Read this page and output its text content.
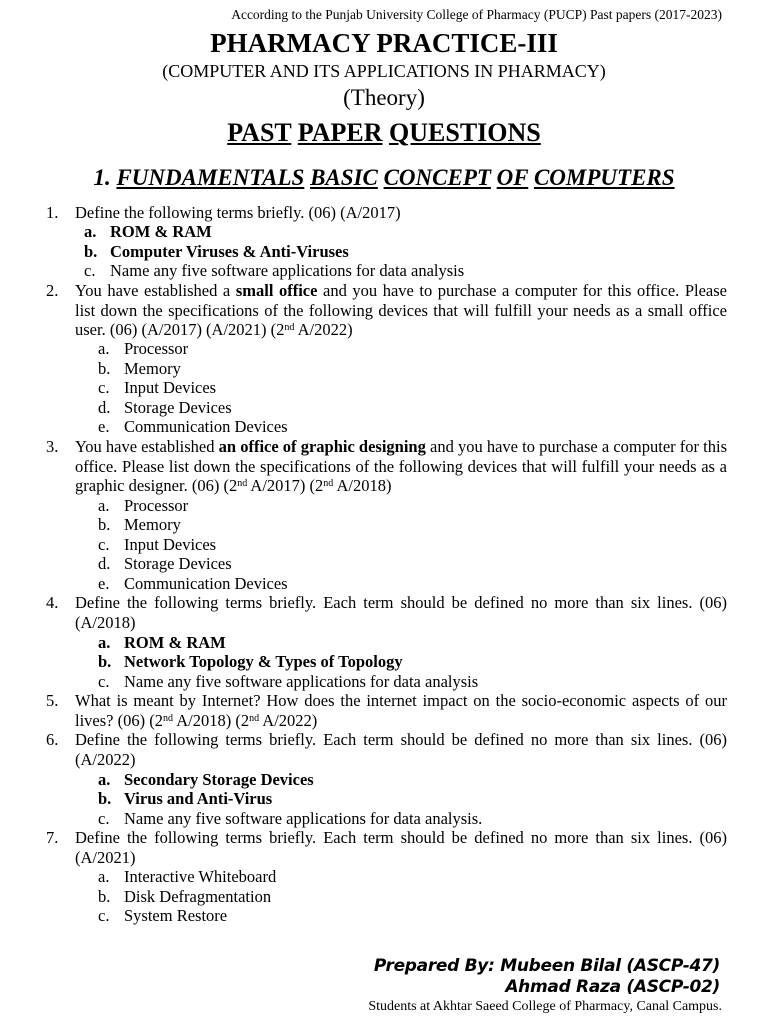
According to the Punjab University College of Pharmacy (PUCP) Past papers (2017-2023)
PHARMACY PRACTICE-III
(COMPUTER AND ITS APPLICATIONS IN PHARMACY)
(Theory)
PAST PAPER QUESTIONS
1. FUNDAMENTALS BASIC CONCEPT OF COMPUTERS
1. Define the following terms briefly. (06) (A/2017)
a. ROM & RAM
b. Computer Viruses & Anti-Viruses
c. Name any five software applications for data analysis
2. You have established a small office and you have to purchase a computer for this office. Please list down the specifications of the following devices that will fulfill your needs as a small office user. (06) (A/2017) (A/2021) (2nd A/2022)
a. Processor
b. Memory
c. Input Devices
d. Storage Devices
e. Communication Devices
3. You have established an office of graphic designing and you have to purchase a computer for this office. Please list down the specifications of the following devices that will fulfill your needs as a graphic designer. (06) (2nd A/2017) (2nd A/2018)
a. Processor
b. Memory
c. Input Devices
d. Storage Devices
e. Communication Devices
4. Define the following terms briefly. Each term should be defined no more than six lines. (06) (A/2018)
a. ROM & RAM
b. Network Topology & Types of Topology
c. Name any five software applications for data analysis
5. What is meant by Internet? How does the internet impact on the socio-economic aspects of our lives? (06) (2nd A/2018) (2nd A/2022)
6. Define the following terms briefly. Each term should be defined no more than six lines. (06) (A/2022)
a. Secondary Storage Devices
b. Virus and Anti-Virus
c. Name any five software applications for data analysis.
7. Define the following terms briefly. Each term should be defined no more than six lines. (06) (A/2021)
a. Interactive Whiteboard
b. Disk Defragmentation
c. System Restore
Prepared By: Mubeen Bilal (ASCP-47)
Ahmad Raza (ASCP-02)
Students at Akhtar Saeed College of Pharmacy, Canal Campus.
